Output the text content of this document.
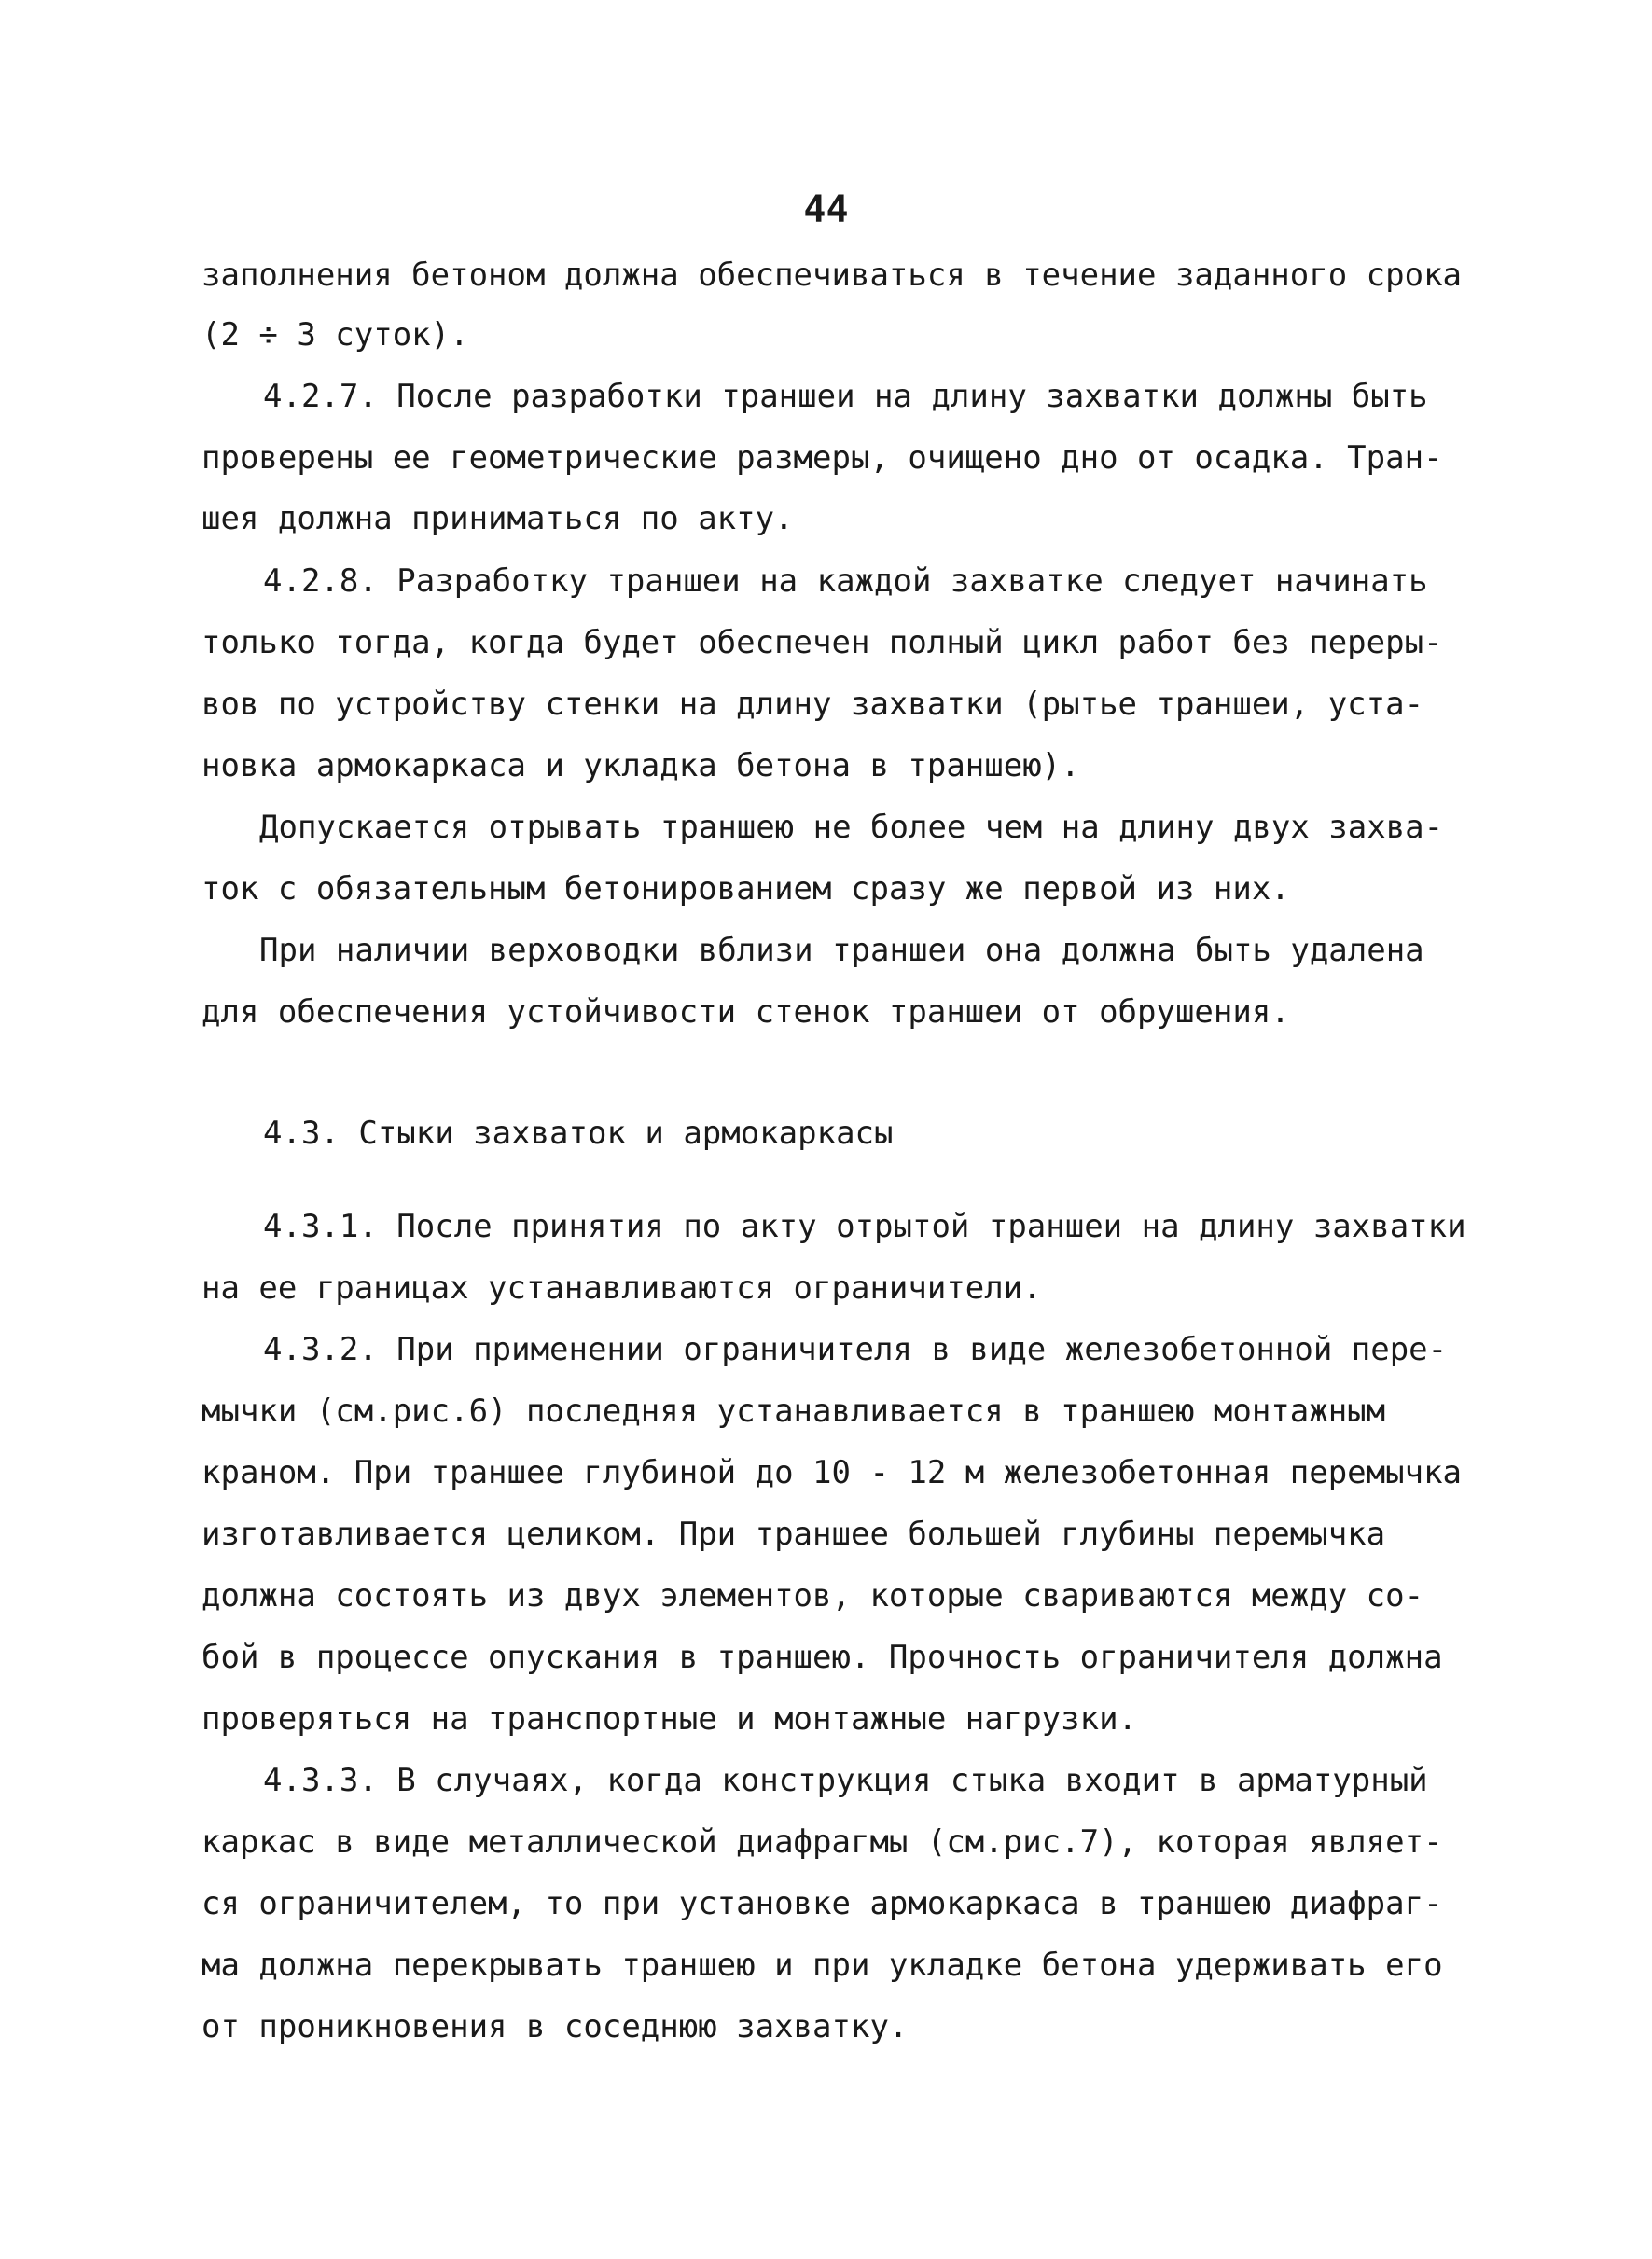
44

заполнения бетоном должна обеспечиваться в течение заданного срока

(2 ÷ 3 суток).

4.2.7. После разработки траншеи на длину захватки должны быть

проверены ее геометрические размеры, очищено дно от осадка. Тран-

шея должна приниматься по акту.

4.2.8. Разработку траншеи на каждой захватке следует начинать

только тогда, когда будет обеспечен полный цикл работ без переры-

вов по устройству стенки на длину захватки (рытье траншеи, уста-

новка армокаркаса и укладка бетона в траншею).

Допускается отрывать траншею не более чем на длину двух захва-

ток с обязательным бетонированием сразу же первой из них.

При наличии верховодки вблизи траншеи она должна быть удалена

для обеспечения устойчивости стенок траншеи от обрушения.

4.3. Стыки захваток и армокаркасы

4.3.1. После принятия по акту отрытой траншеи на длину захватки

на ее границах устанавливаются ограничители.

4.3.2. При применении ограничителя в виде железобетонной пере-

мычки (см.рис.6) последняя устанавливается в траншею монтажным

краном. При траншее глубиной до 10 - 12 м железобетонная перемычка

изготавливается целиком. При траншее большей глубины перемычка

должна состоять из двух элементов, которые свариваются между со-

бой в процессе опускания в траншею. Прочность ограничителя должна

проверяться на транспортные и монтажные нагрузки.

4.3.3. В случаях, когда конструкция стыка входит в арматурный

каркас в виде металлической диафрагмы (см.рис.7), которая являет-

ся ограничителем, то при установке армокаркаса в траншею диафраг-

ма должна перекрывать траншею и при укладке бетона удерживать его

от проникновения в соседнюю захватку.
